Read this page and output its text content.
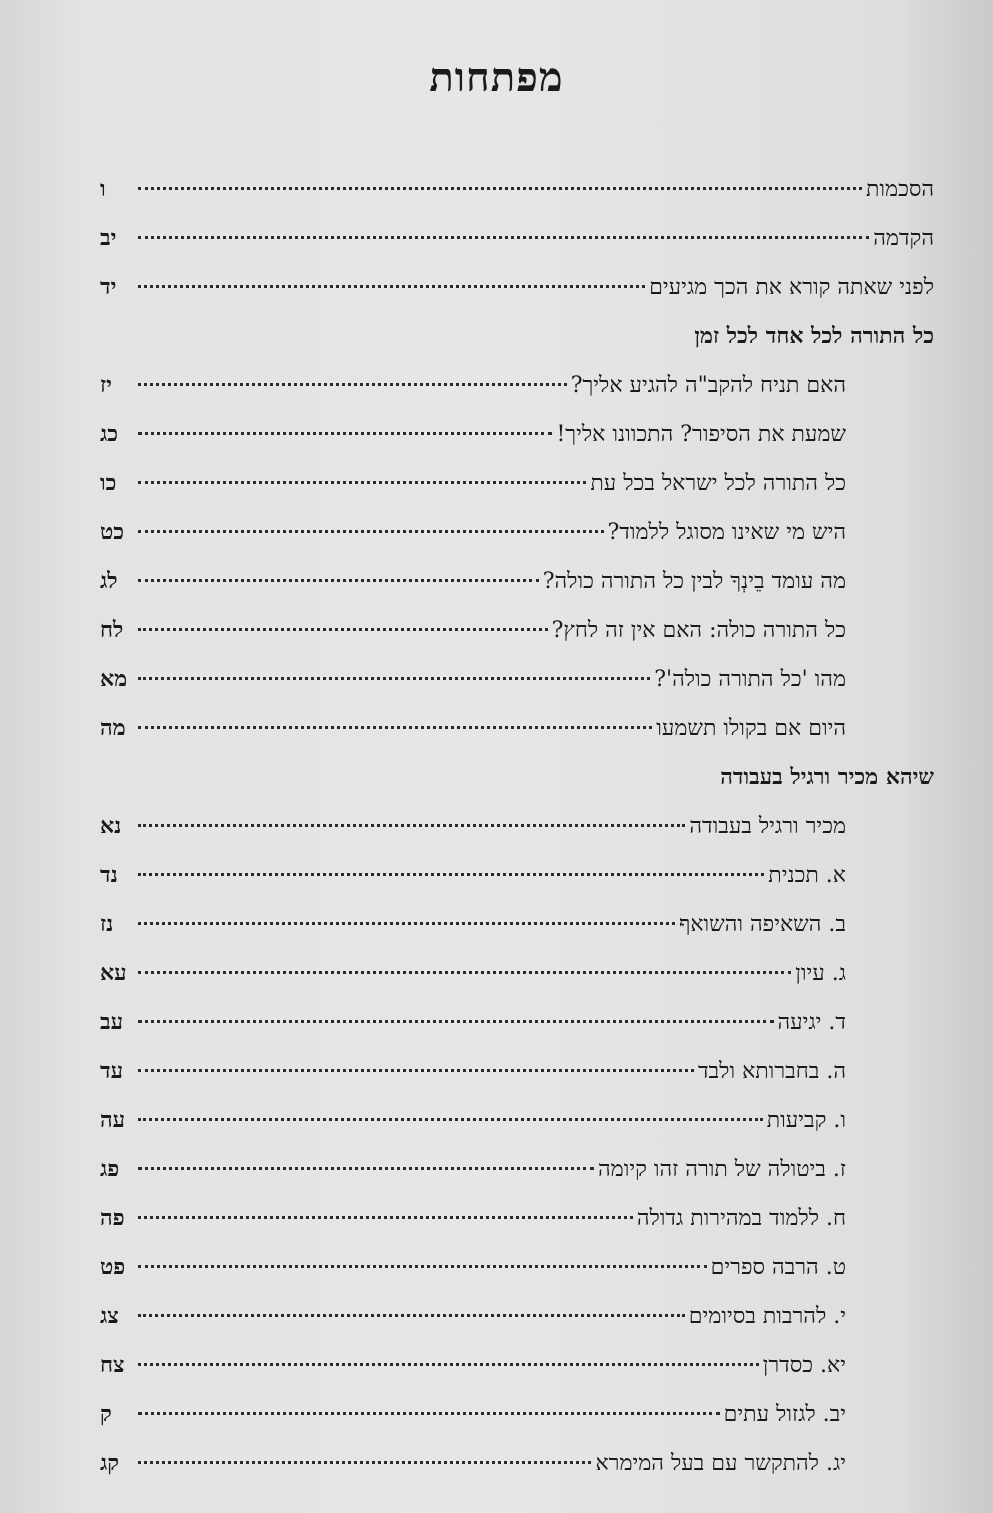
מפתחות
הסכמות
ו
הקדמה
יב
לפני שאתה קורא את הכך מגיעים
יד
כל התורה לכל אחד לכל זמן
האם תניח להקב"ה להגיע אליך?
יז
שמעת את הסיפור? התכוונו אליך!
כג
כל התורה לכל ישראל בכל עת
כו
היש מי שאינו מסוגל ללמוד?
כט
מה עומד בֵינְךָ לבין כל התורה כולה?
לג
כל התורה כולה: האם אין זה לחץ?
לח
מהו 'כל התורה כולה'?
מא
היום אם בקולו תשמעו
מה
שיהא מכיר ורגיל בעבודה
מכיר ורגיל בעבודה
נא
א. תכנית
נד
ב. השאיפה והשואף
נז
ג. עיון
עא
ד. יגיעה
עב
ה. בחברותא ולבד
עד
ו. קביעות
עה
ז. ביטולה של תורה זהו קיומה
פג
ח. ללמוד במהירות גדולה
פה
ט. הרבה ספרים
פט
י. להרבות בסיומים
צג
יא. כסדרן
צח
יב. לגזול עתים
ק
יג. להתקשר עם בעל המימרא
קג
